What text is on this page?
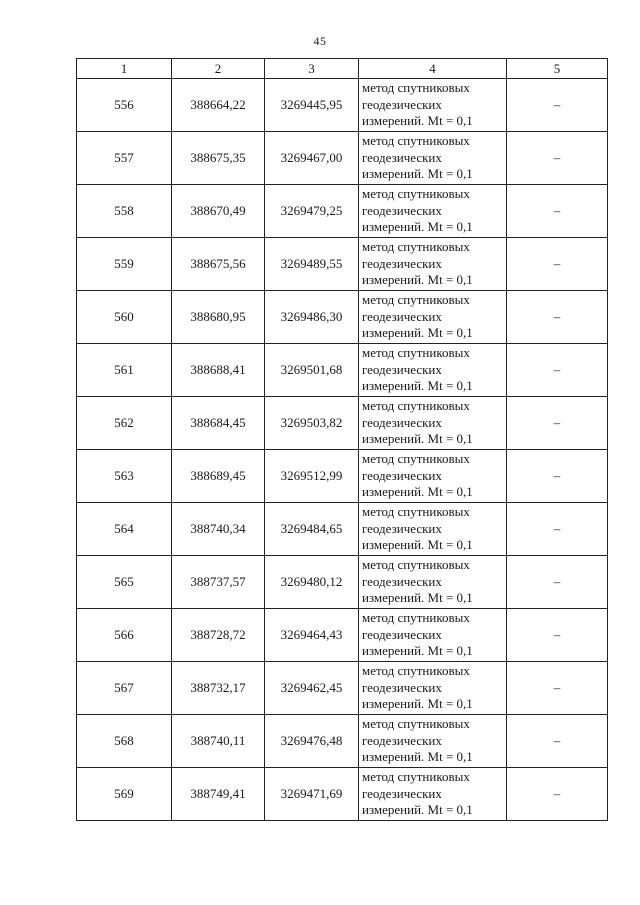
45
1	2	3	4	5
556	388664,22	3269445,95	метод спутниковых
геодезических
измерений. Mt = 0,1	–
557	388675,35	3269467,00	метод спутниковых
геодезических
измерений. Mt = 0,1	–
558	388670,49	3269479,25	метод спутниковых
геодезических
измерений. Mt = 0,1	–
559	388675,56	3269489,55	метод спутниковых
геодезических
измерений. Mt = 0,1	–
560	388680,95	3269486,30	метод спутниковых
геодезических
измерений. Mt = 0,1	–
561	388688,41	3269501,68	метод спутниковых
геодезических
измерений. Mt = 0,1	–
562	388684,45	3269503,82	метод спутниковых
геодезических
измерений. Mt = 0,1	–
563	388689,45	3269512,99	метод спутниковых
геодезических
измерений. Mt = 0,1	–
564	388740,34	3269484,65	метод спутниковых
геодезических
измерений. Mt = 0,1	–
565	388737,57	3269480,12	метод спутниковых
геодезических
измерений. Mt = 0,1	–
566	388728,72	3269464,43	метод спутниковых
геодезических
измерений. Mt = 0,1	–
567	388732,17	3269462,45	метод спутниковых
геодезических
измерений. Mt = 0,1	–
568	388740,11	3269476,48	метод спутниковых
геодезических
измерений. Mt = 0,1	–
569	388749,41	3269471,69	метод спутниковых
геодезических
измерений. Mt = 0,1	–
